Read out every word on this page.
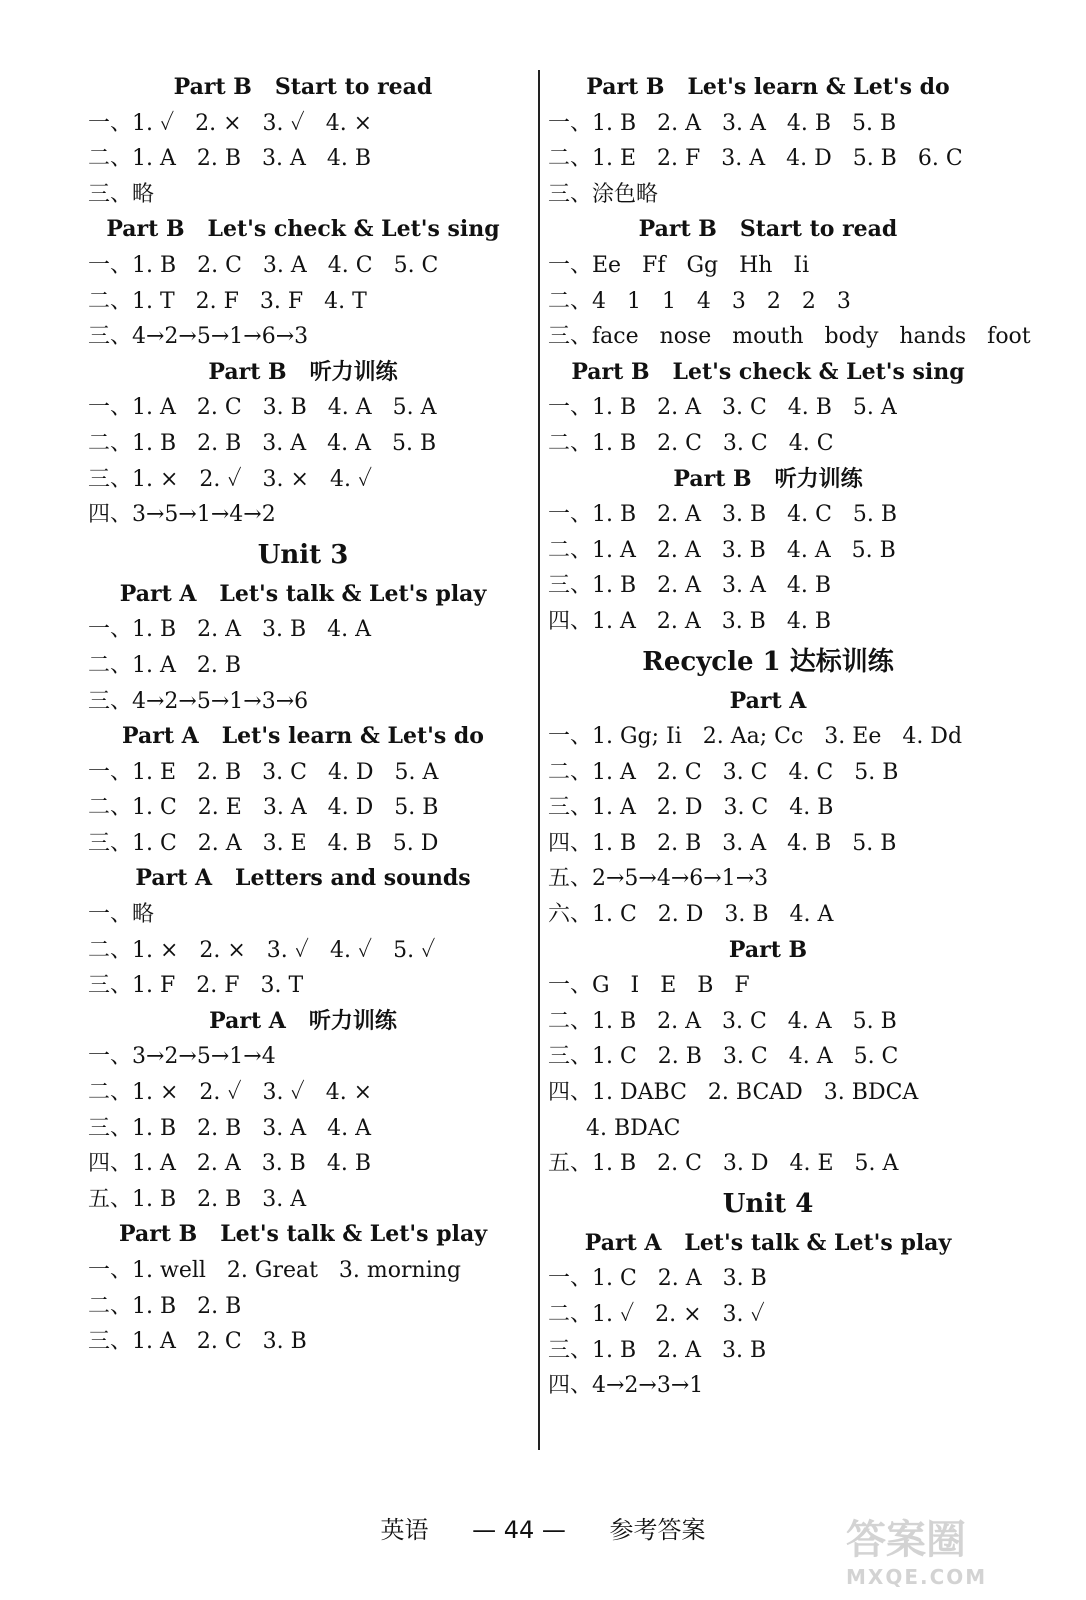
Part B   Start to read
一、1. ✓   2. ×   3. ✓   4. ×
二、1. A   2. B   3. A   4. B
三、略
Part B   Let's check & Let's sing
一、1. B   2. C   3. A   4. C   5. C
二、1. T   2. F   3. F   4. T
三、4→2→5→1→6→3
Part B   听力训练
一、1. A   2. C   3. B   4. A   5. A
二、1. B   2. B   3. A   4. A   5. B
三、1. ×   2. ✓   3. ×   4. ✓
四、3→5→1→4→2
Unit 3
Part A   Let's talk & Let's play
一、1. B   2. A   3. B   4. A
二、1. A   2. B
三、4→2→5→1→3→6
Part A   Let's learn & Let's do
一、1. E   2. B   3. C   4. D   5. A
二、1. C   2. E   3. A   4. D   5. B
三、1. C   2. A   3. E   4. B   5. D
Part A   Letters and sounds
一、略
二、1. ×   2. ×   3. ✓   4. ✓   5. ✓
三、1. F   2. F   3. T
Part A   听力训练
一、3→2→5→1→4
二、1. ×   2. ✓   3. ✓   4. ×
三、1. B   2. B   3. A   4. A
四、1. A   2. A   3. B   4. B
五、1. B   2. B   3. A
Part B   Let's talk & Let's play
一、1. well   2. Great   3. morning
二、1. B   2. B
三、1. A   2. C   3. B
Part B   Let's learn & Let's do
一、1. B   2. A   3. A   4. B   5. B
二、1. E   2. F   3. A   4. D   5. B   6. C
三、涂色略
Part B   Start to read
一、Ee   Ff   Gg   Hh   Ii
二、4   1   1   4   3   2   2   3
三、face   nose   mouth   body   hands   foot
Part B   Let's check & Let's sing
一、1. B   2. A   3. C   4. B   5. A
二、1. B   2. C   3. C   4. C
Part B   听力训练
一、1. B   2. A   3. B   4. C   5. B
二、1. A   2. A   3. B   4. A   5. B
三、1. B   2. A   3. A   4. B
四、1. A   2. A   3. B   4. B
Recycle 1 达标训练
Part A
一、1. Gg; Ii   2. Aa; Cc   3. Ee   4. Dd
二、1. A   2. C   3. C   4. C   5. B
三、1. A   2. D   3. C   4. B
四、1. B   2. B   3. A   4. B   5. B
五、2→5→4→6→1→3
六、1. C   2. D   3. B   4. A
Part B
一、G   I   E   B   F
二、1. B   2. A   3. C   4. A   5. B
三、1. C   2. B   3. C   4. A   5. C
四、1. DABC   2. BCAD   3. BDCA
4. BDAC
五、1. B   2. C   3. D   4. E   5. A
Unit 4
Part A   Let's talk & Let's play
一、1. C   2. A   3. B
二、1. ✓   2. ×   3. ✓
三、1. B   2. A   3. B
四、4→2→3→1
英语 — 44 — 参考答案	答案圈
MXQE.COM
